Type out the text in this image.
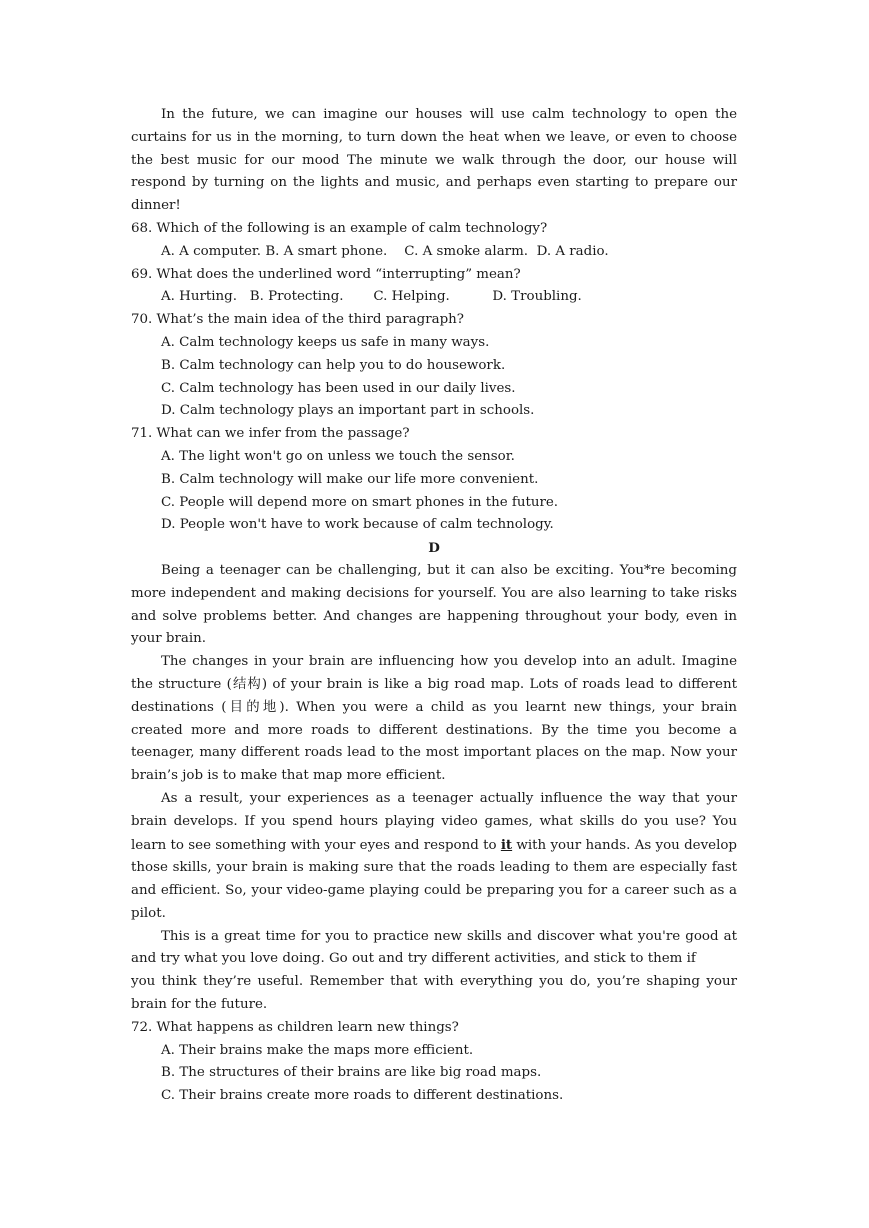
In the future, we can imagine our houses will use calm technology to open the curtains for us in the morning, to turn down the heat when we leave, or even to choose the best music for our mood The minute we walk through the door, our house will respond by turning on the lights and music, and perhaps even starting to prepare our dinner!

68. Which of the following is an example of calm technology?

A. A computer. B. A smart phone. C. A smoke alarm. D. A radio.

69. What does the underlined word “interrupting” mean?

A. Hurting. B. Protecting. C. Helping.	D. Troubling.

70. What’s the main idea of the third paragraph?

A. Calm technology keeps us safe in many ways.

B. Calm technology can help you to do housework.

C. Calm technology has been used in our daily lives.

D. Calm technology plays an important part in schools.

71. What can we infer from the passage?

A. The light won't go on unless we touch the sensor.

B. Calm technology will make our life more convenient.

C. People will depend more on smart phones in the future.

D. People won't have to work because of calm technology.

D

Being a teenager can be challenging, but it can also be exciting. You*re becoming more independent and making decisions for yourself. You are also learning to take risks and solve problems better. And changes are happening throughout your body, even in your brain.

The changes in your brain are influencing how you develop into an adult. Imagine the structure (结构) of your brain is like a big road map. Lots of roads lead to different destinations (目的地). When you were a child as you learnt new things, your brain created more and more roads to different destinations. By the time you become a teenager, many different roads lead to the most important places on the map. Now your brain’s job is to make that map more efficient.

As a result, your experiences as a teenager actually influence the way that your brain develops. If you spend hours playing video games, what skills do you use? You learn to see something with your eyes and respond to it with your hands. As you develop those skills, your brain is making sure that the roads leading to them are especially fast and efficient. So, your video-game playing could be preparing you for a career such as a pilot.

This is a great time for you to practice new skills and discover what you're good at and try what you love doing. Go out and try different activities, and stick to them if

you think they’re useful. Remember that with everything you do, you’re shaping your brain for the future.

72. What happens as children learn new things?

A. Their brains make the maps more efficient.

B. The structures of their brains are like big road maps.

C. Their brains create more roads to different destinations.
